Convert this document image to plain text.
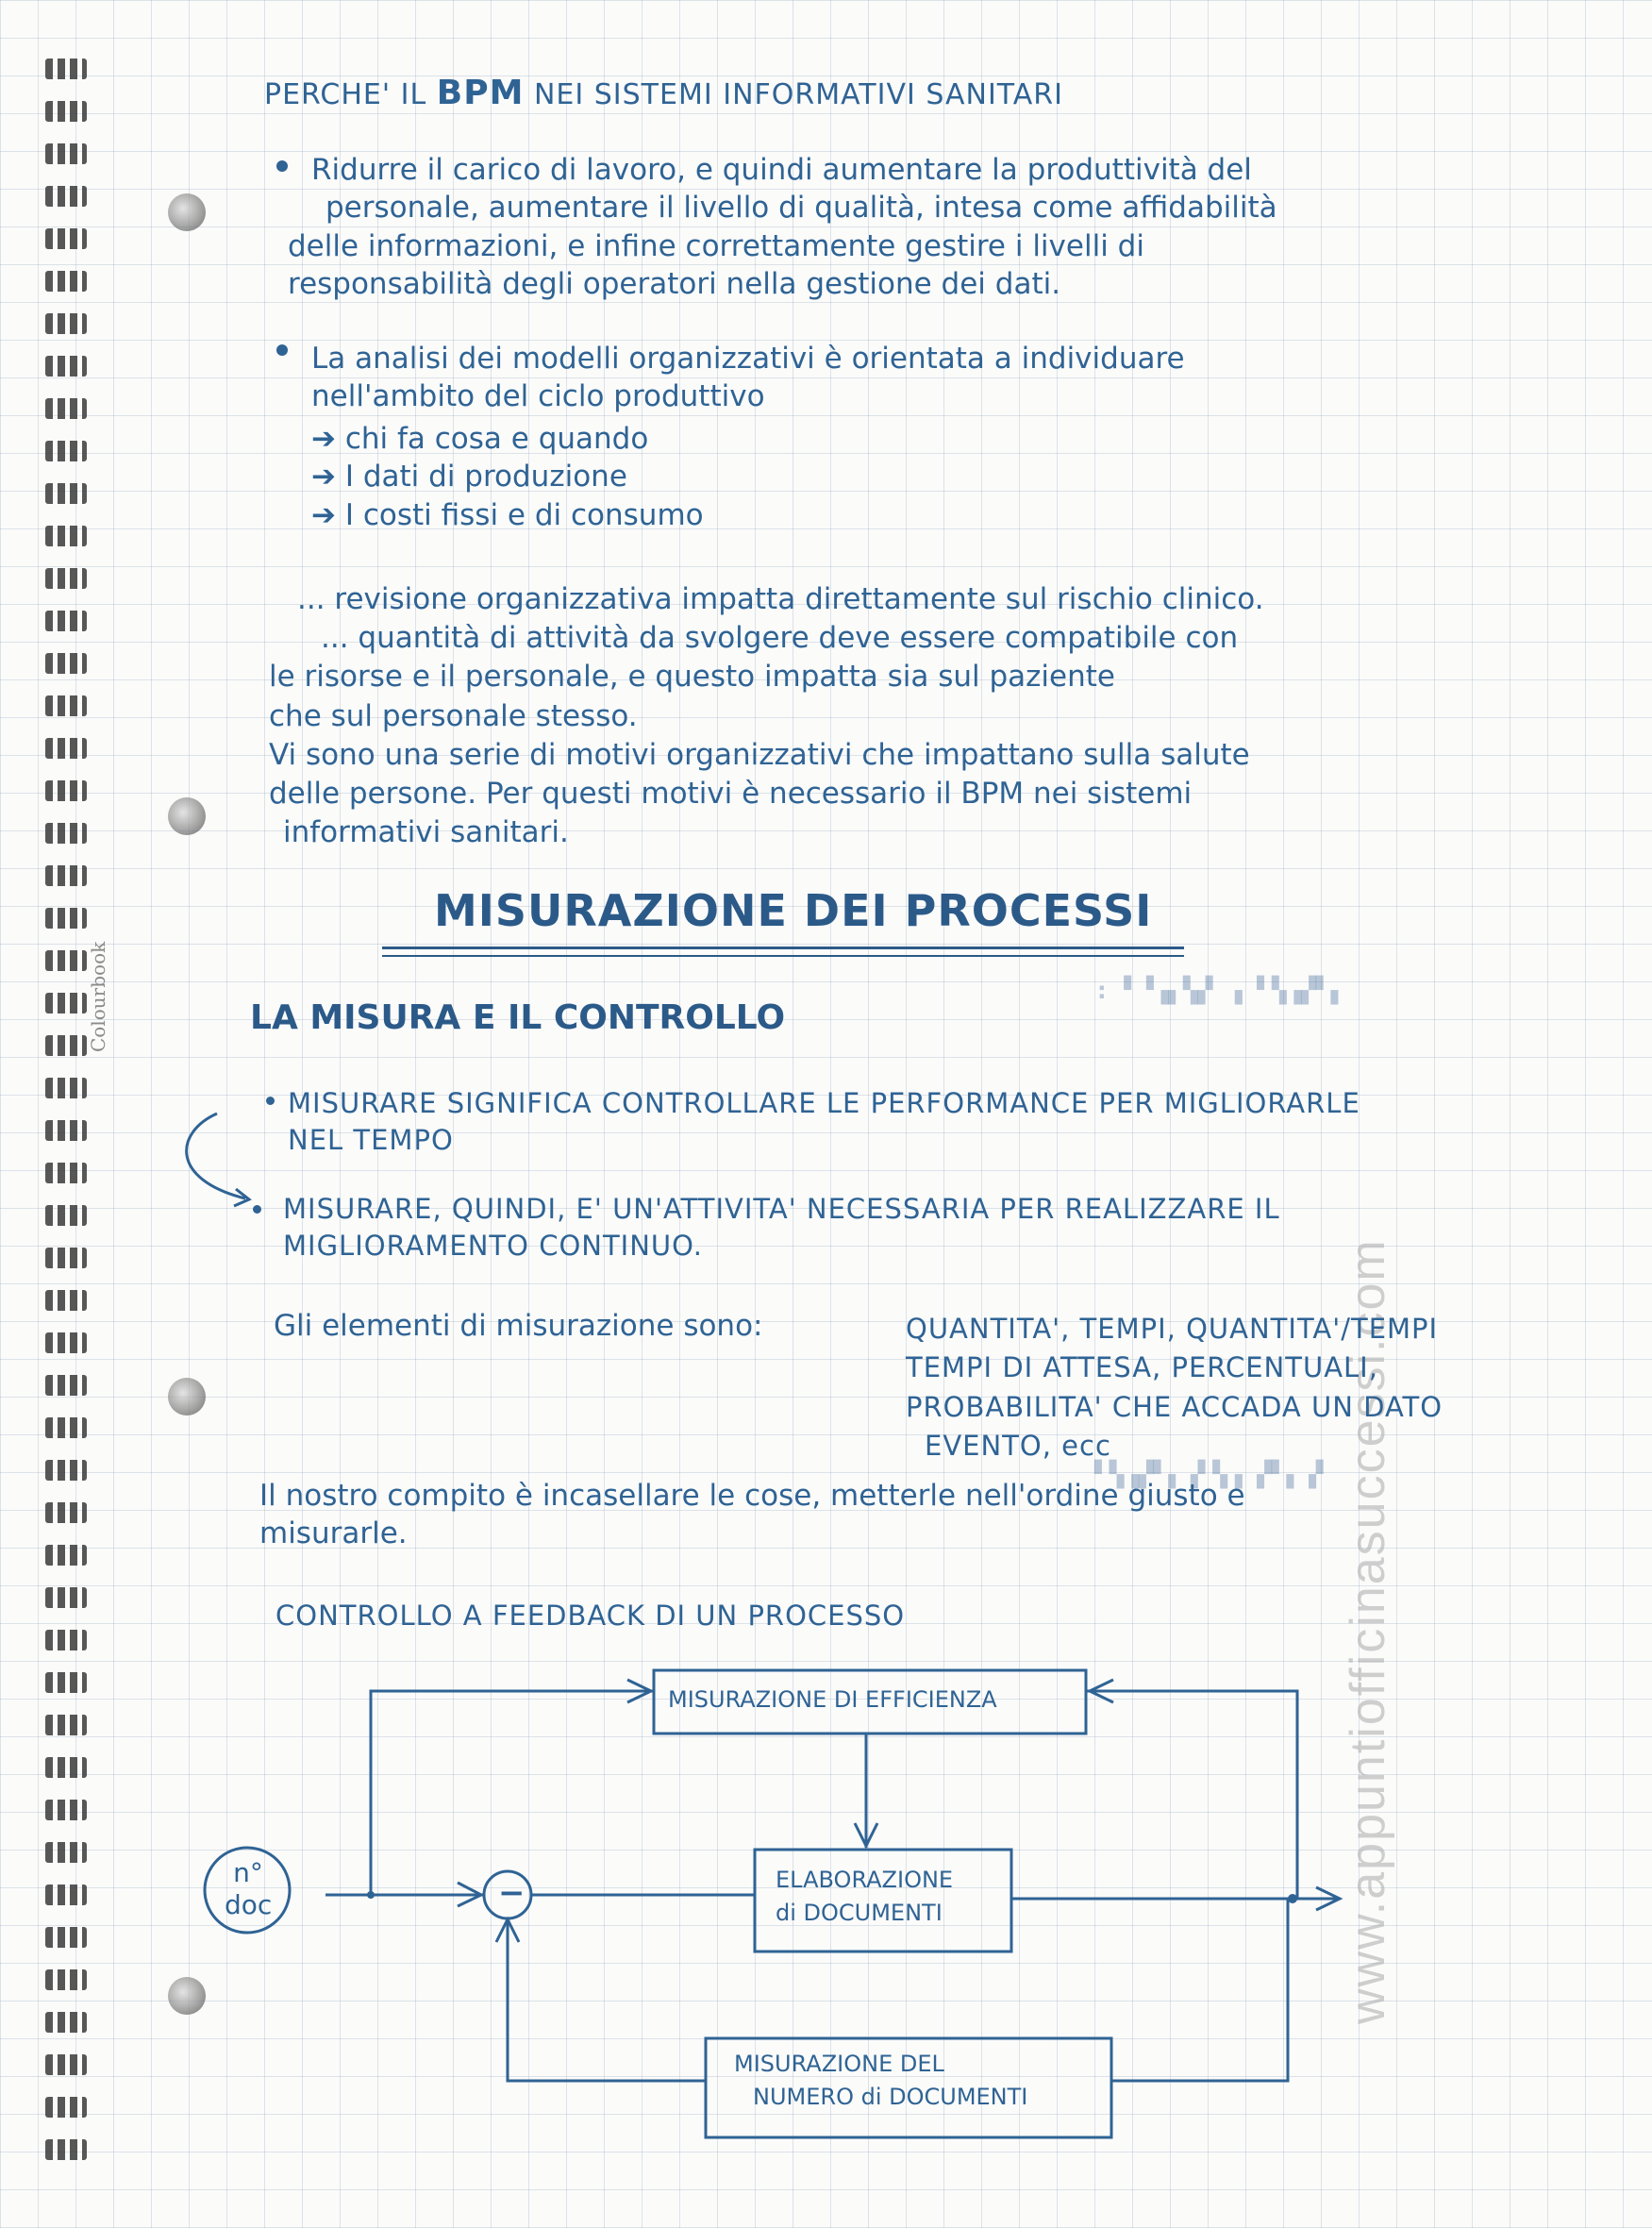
Colourbook
www.appuntiofficinasuccessi.com
PERCHE' IL BPM NEI SISTEMI INFORMATIVI SANITARI
Ridurre il carico di lavoro, e quindi aumentare la produttività del
personale, aumentare il livello di qualità, intesa come affidabilità
delle informazioni, e infine correttamente gestire i livelli di
responsabilità degli operatori nella gestione dei dati.
La analisi dei modelli organizzativi è orientata a individuare
nell'ambito del ciclo produttivo
➔ chi fa cosa e quando
➔ I dati di produzione
➔ I costi fissi e di consumo
... revisione organizzativa impatta direttamente sul rischio clinico.
... quantità di attività da svolgere deve essere compatibile con
le risorse e il personale, e questo impatta sia sul paziente
che sul personale stesso.
Vi sono una serie di motivi organizzativi che impattano sulla salute
delle persone. Per questi motivi è necessario il BPM nei sistemi
informativi sanitari.
MISURAZIONE DEI PROCESSI
: ▘▝▗▖▚▞ ▗ ▘▚▗▞▘▖
LA MISURA E IL CONTROLLO
MISURARE SIGNIFICA CONTROLLARE LE PERFORMANCE PER MIGLIORARLE
NEL TEMPO
MISURARE, QUINDI, E' UN'ATTIVITA' NECESSARIA PER REALIZZARE IL
MIGLIORAMENTO CONTINUO.
Gli elementi di misurazione sono:	QUANTITA', TEMPI, QUANTITA'/TEMPI
TEMPI DI ATTESA, PERCENTUALI,
PROBABILITA' CHE ACCADA UN DATO
EVENTO, ecc
▘▚▗▞▘▖▗▘▚▗ ▞▘▖▗▘
Il nostro compito è incasellare le cose, metterle nell'ordine giusto e
misurarle.
CONTROLLO A FEEDBACK DI UN PROCESSO
MISURAZIONE DI EFFICIENZA
ELABORAZIONE
di DOCUMENTI
MISURAZIONE DEL
NUMERO di DOCUMENTI
n°
doc	−
